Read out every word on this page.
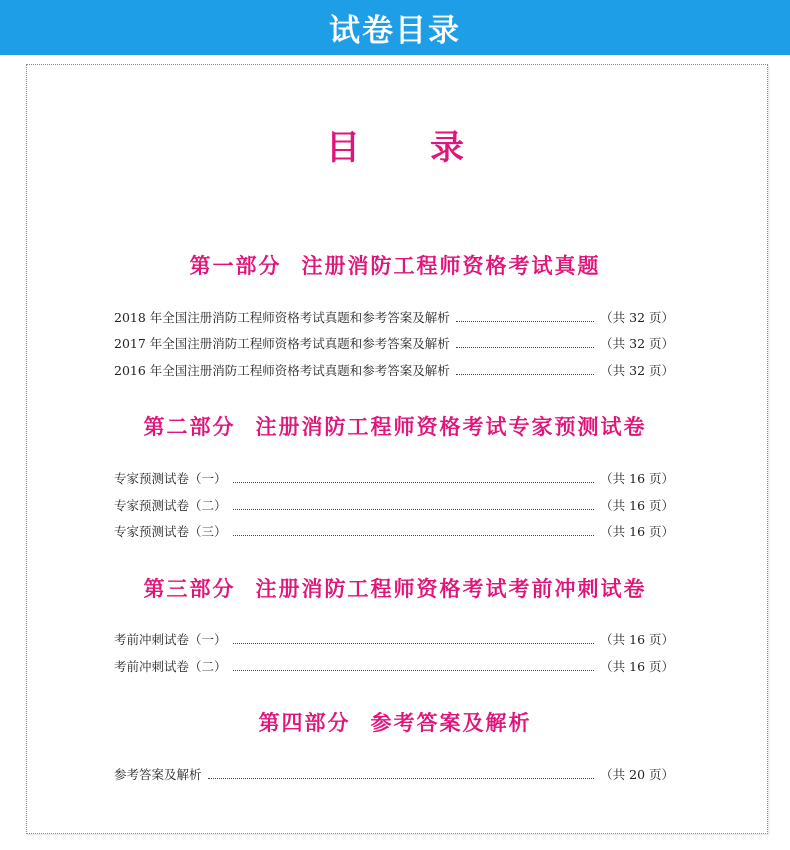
试卷目录
目 录
第一部分 注册消防工程师资格考试真题
2018 年全国注册消防工程师资格考试真题和参考答案及解析	（共 32 页）
2017 年全国注册消防工程师资格考试真题和参考答案及解析	（共 32 页）
2016 年全国注册消防工程师资格考试真题和参考答案及解析	（共 32 页）
第二部分 注册消防工程师资格考试专家预测试卷
专家预测试卷（一）	（共 16 页）
专家预测试卷（二）	（共 16 页）
专家预测试卷（三）	（共 16 页）
第三部分 注册消防工程师资格考试考前冲刺试卷
考前冲刺试卷（一）	（共 16 页）
考前冲刺试卷（二）	（共 16 页）
第四部分 参考答案及解析
参考答案及解析	（共 20 页）
